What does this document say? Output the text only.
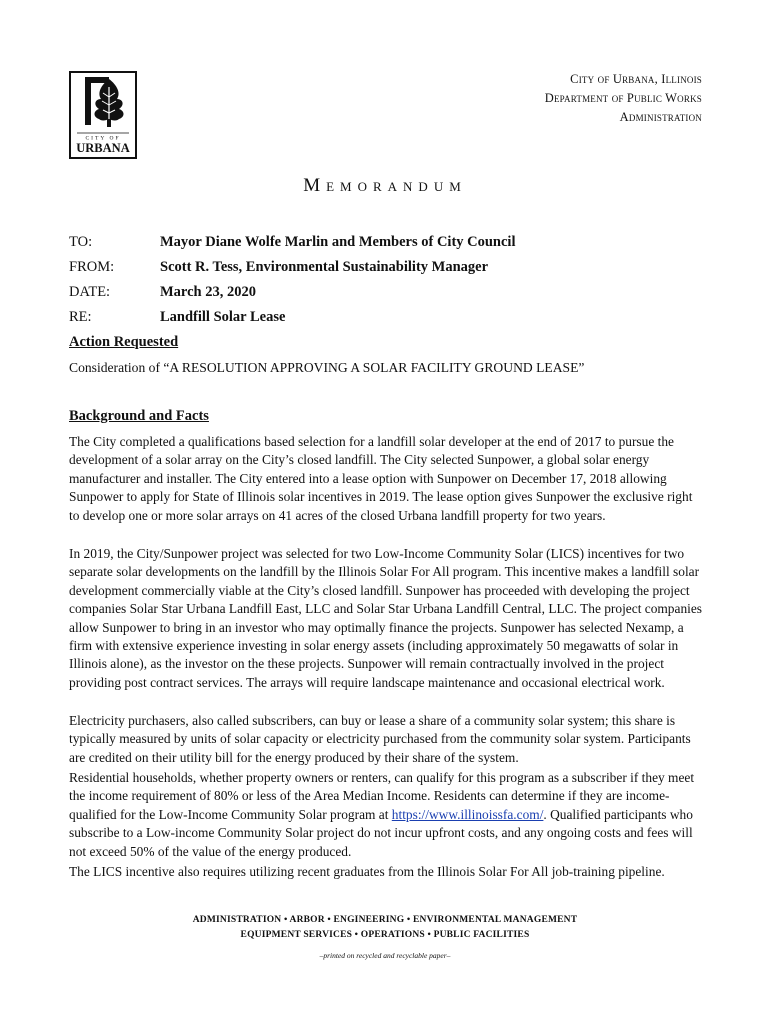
CITY OF
URBANA
City of Urbana, Illinois
Department of Public Works
Administration
Memorandum
TO:	Mayor Diane Wolfe Marlin and Members of City Council
FROM:	Scott R. Tess, Environmental Sustainability Manager
DATE:	March 23, 2020
RE:	Landfill Solar Lease
Action Requested
Consideration of “A RESOLUTION APPROVING A SOLAR FACILITY GROUND LEASE”
Background and Facts
The City completed a qualifications based selection for a landfill solar developer at the end of 2017 to pursue the development of a solar array on the City’s closed landfill. The City selected Sunpower, a global solar energy manufacturer and installer. The City entered into a lease option with Sunpower on December 17, 2018 allowing Sunpower to apply for State of Illinois solar incentives in 2019. The lease option gives Sunpower the exclusive right to develop one or more solar arrays on 41 acres of the closed Urbana landfill property for two years.
In 2019, the City/Sunpower project was selected for two Low-Income Community Solar (LICS) incentives for two separate solar developments on the landfill by the Illinois Solar For All program. This incentive makes a landfill solar development commercially viable at the City’s closed landfill. Sunpower has proceeded with developing the project companies Solar Star Urbana Landfill East, LLC and Solar Star Urbana Landfill Central, LLC. The project companies allow Sunpower to bring in an investor who may optimally finance the projects. Sunpower has selected Nexamp, a firm with extensive experience investing in solar energy assets (including approximately 50 megawatts of solar in Illinois alone), as the investor on the these projects. Sunpower will remain contractually involved in the project providing post contract services. The arrays will require landscape maintenance and occasional electrical work.
Electricity purchasers, also called subscribers, can buy or lease a share of a community solar system; this share is typically measured by units of solar capacity or electricity purchased from the community solar system. Participants are credited on their utility bill for the energy produced by their share of the system.
Residential households, whether property owners or renters, can qualify for this program as a subscriber if they meet the income requirement of 80% or less of the Area Median Income. Residents can determine if they are income-qualified for the Low-Income Community Solar program at https://www.illinoissfa.com/. Qualified participants who subscribe to a Low-income Community Solar project do not incur upfront costs, and any ongoing costs and fees will not exceed 50% of the value of the energy produced.
The LICS incentive also requires utilizing recent graduates from the Illinois Solar For All job-training pipeline.
ADMINISTRATION • ARBOR • ENGINEERING • ENVIRONMENTAL MANAGEMENT
EQUIPMENT SERVICES • OPERATIONS • PUBLIC FACILITIES
–printed on recycled and recyclable paper–
